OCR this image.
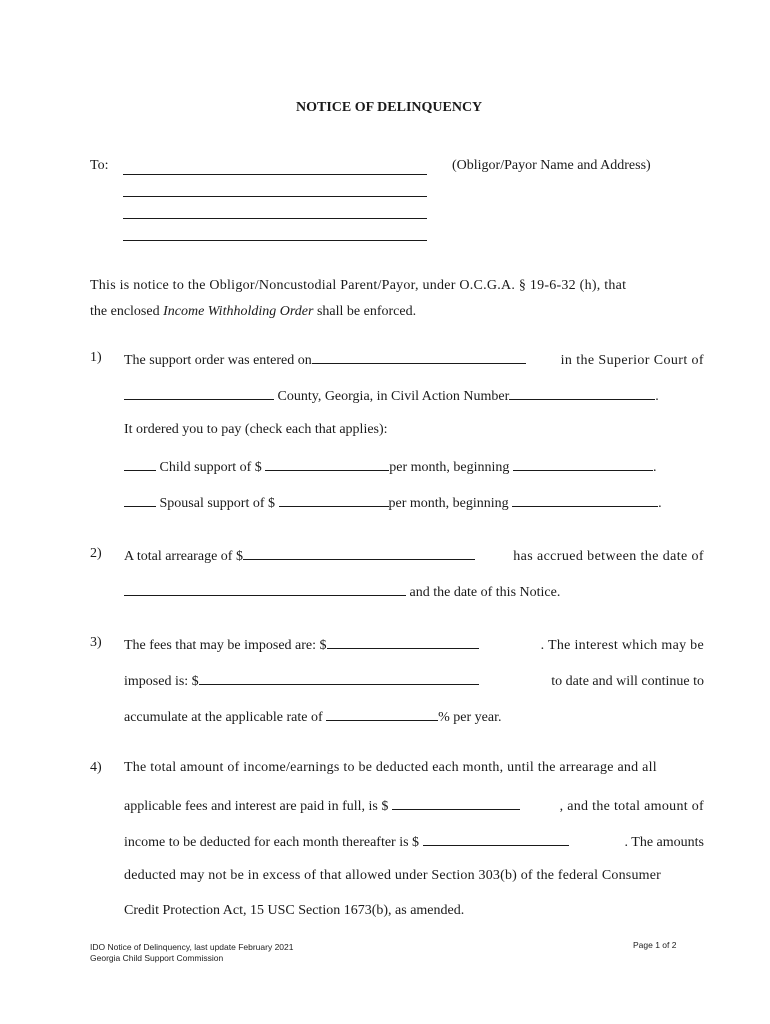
NOTICE OF DELINQUENCY
To:	(Obligor/Payor Name and Address)
This is notice to the Obligor/Noncustodial Parent/Payor, under O.C.G.A. § 19-6-32 (h), that
the enclosed Income Withholding Order shall be enforced.
1) The support order was entered on	in the Superior Court of
County, Georgia, in Civil Action Number	.
It ordered you to pay (check each that applies):
Child support of $	per month, beginning	.
Spousal support of $	per month, beginning	.
2) A total arrearage of $	has accrued between the date of
and the date of this Notice.
3) The fees that may be imposed are: $	. The interest which may be
imposed is: $	to date and will continue to
accumulate at the applicable rate of	% per year.
4) The total amount of income/earnings to be deducted each month, until the arrearage and all
applicable fees and interest are paid in full, is $	, and the total amount of
income to be deducted for each month thereafter is $	. The amounts
deducted may not be in excess of that allowed under Section 303(b) of the federal Consumer
Credit Protection Act, 15 USC Section 1673(b), as amended.
IDO Notice of Delinquency, last update February 2021
Georgia Child Support Commission
Page 1 of 2
